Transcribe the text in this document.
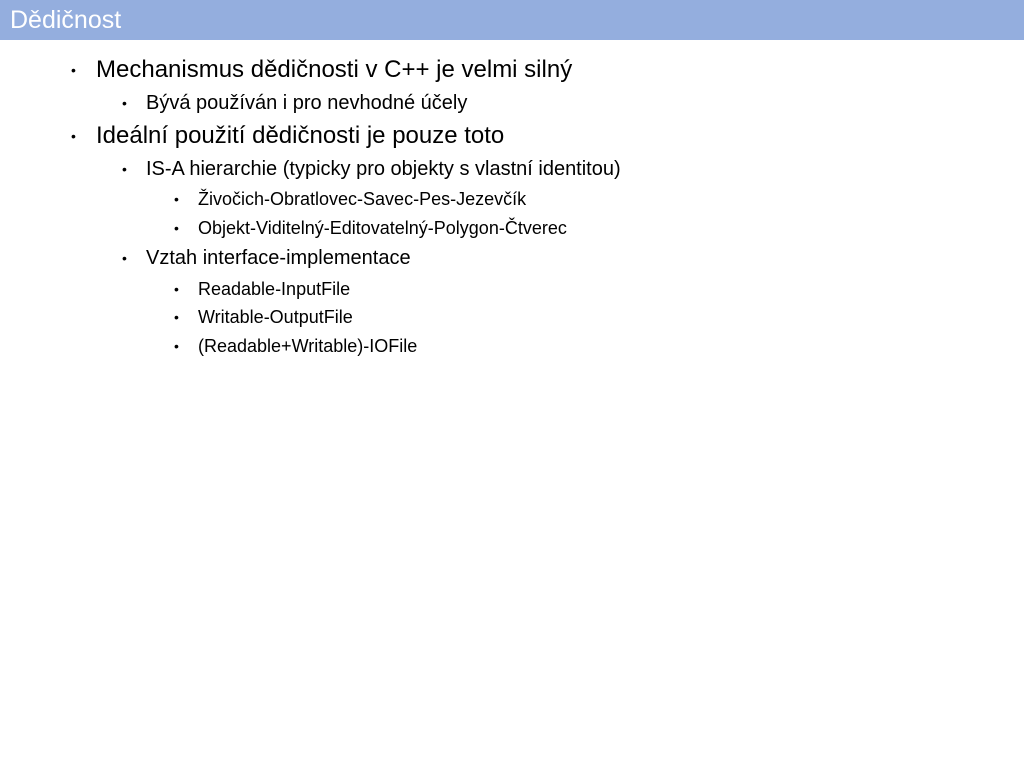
Dědičnost
• Mechanismus dědičnosti v C++ je velmi silný
• Bývá používán i pro nevhodné účely
• Ideální použití dědičnosti je pouze toto
• IS-A hierarchie (typicky pro objekty s vlastní identitou)
• Živočich-Obratlovec-Savec-Pes-Jezevčík
• Objekt-Viditelný-Editovatelný-Polygon-Čtverec
• Vztah interface-implementace
• Readable-InputFile
• Writable-OutputFile
• (Readable+Writable)-IOFile
